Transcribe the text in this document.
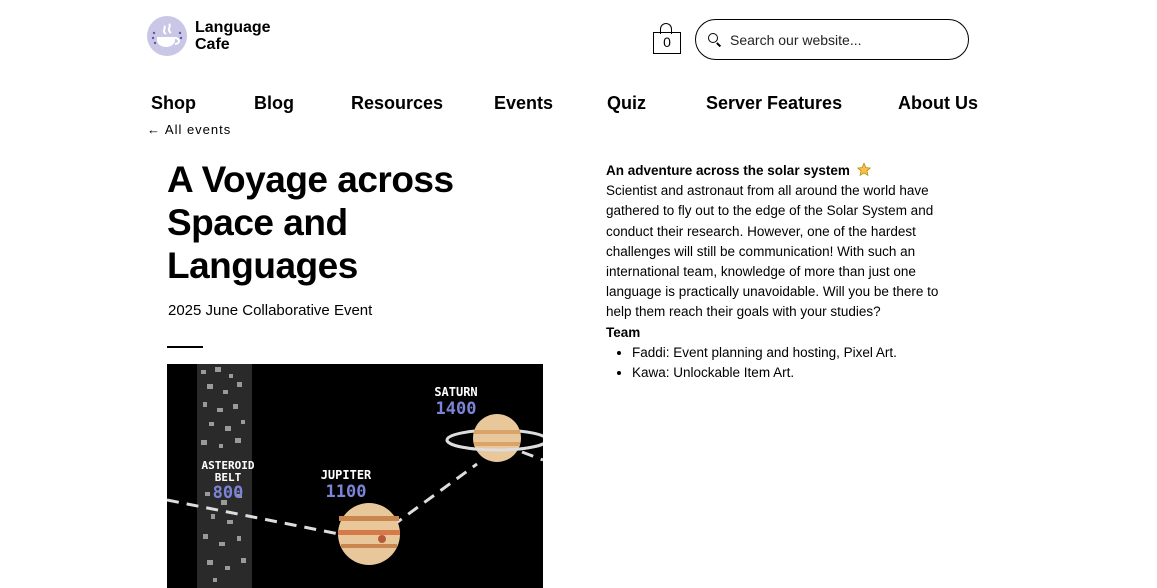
Language Cafe	0
Search our website...
Shop	Blog	Resources	Events	Quiz	Server Features	About Us
← All events
A Voyage across Space and Languages
2025 June Collaborative Event
ASTEROID
BELT
800
JUPITER
1100
SATURN
1400

An adventure across the solar system

Scientist and astronaut from all around the world have gathered to fly out to the edge of the Solar System and conduct their research. However, one of the hardest challenges will still be communication! With such an international team, knowledge of more than just one language is practically unavoidable. Will you be there to help them reach their goals with your studies?

Team

• Faddi: Event planning and hosting, Pixel Art.
• Kawa: Unlockable Item Art.
